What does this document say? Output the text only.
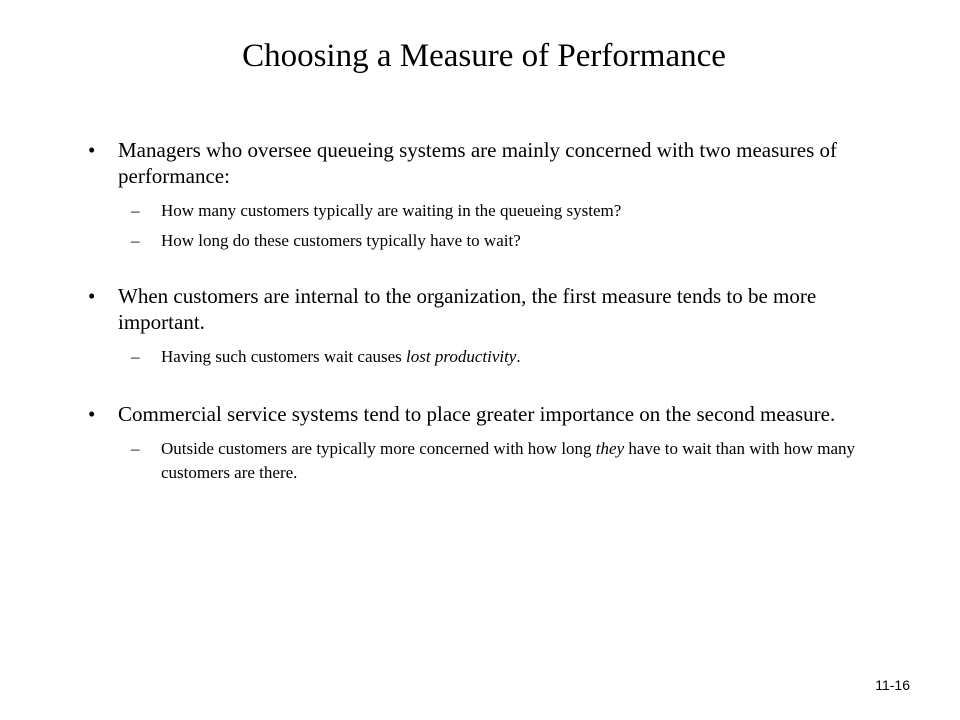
Choosing a Measure of Performance
• Managers who oversee queueing systems are mainly concerned with two measures of performance:
– How many customers typically are waiting in the queueing system?
– How long do these customers typically have to wait?
• When customers are internal to the organization, the first measure tends to be more important.
– Having such customers wait causes lost productivity.
• Commercial service systems tend to place greater importance on the second measure.
– Outside customers are typically more concerned with how long they have to wait than with how many customers are there.
11-16
